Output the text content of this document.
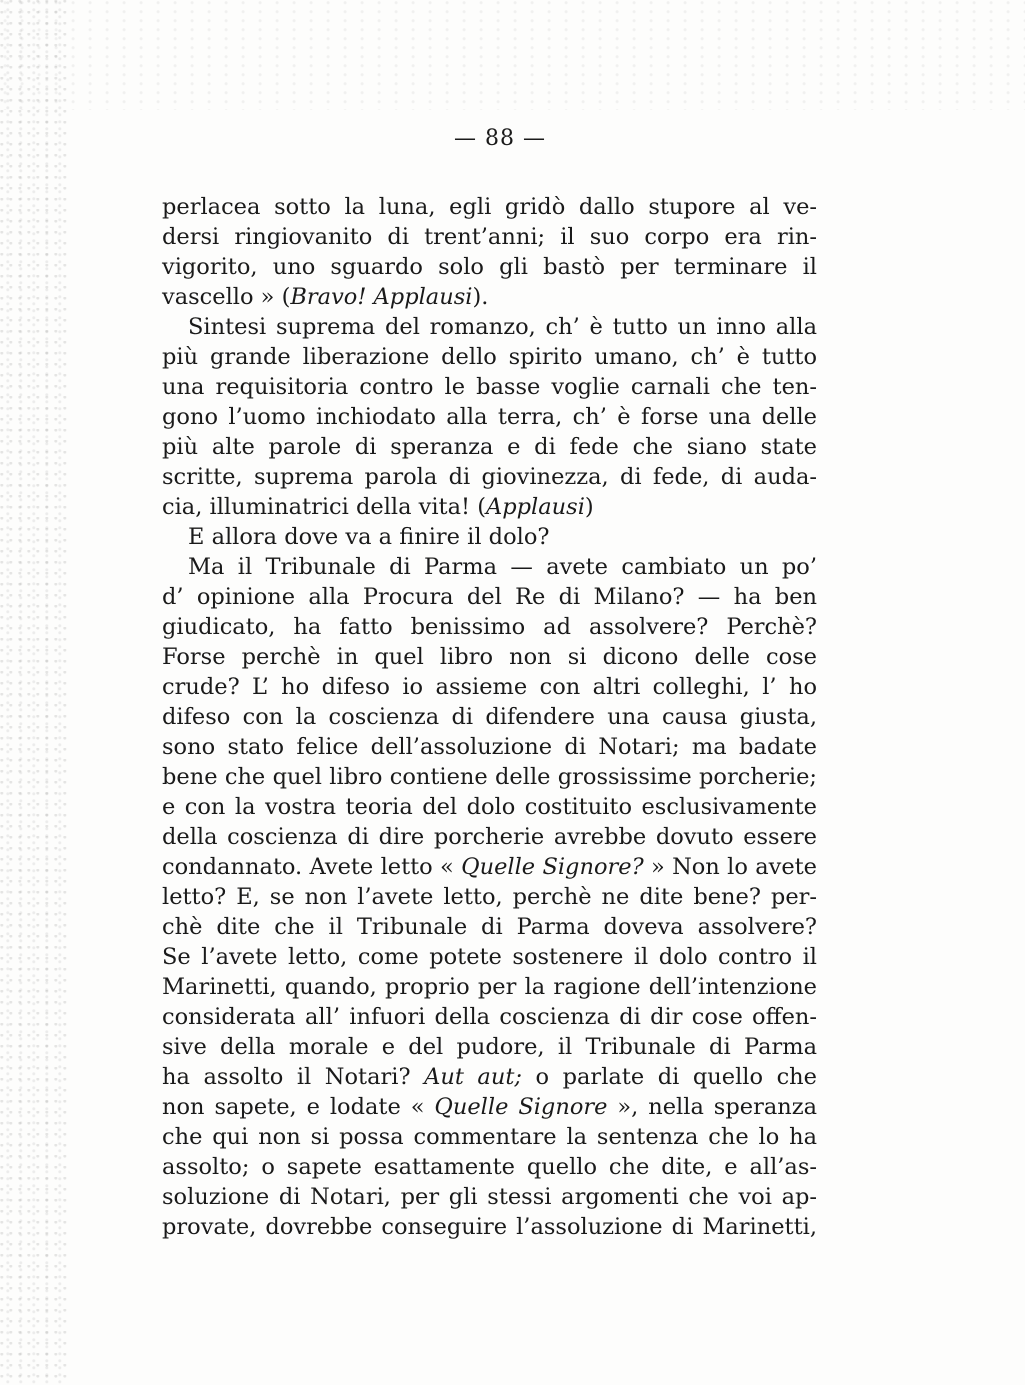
— 88 —
perlacea sotto la luna, egli gridò dallo stupore al ve-
dersi ringiovanito di trent’anni; il suo corpo era rin-
vigorito, uno sguardo solo gli bastò per terminare il
vascello » (Bravo! Applausi).
Sintesi suprema del romanzo, ch’ è tutto un inno alla
più grande liberazione dello spirito umano, ch’ è tutto
una requisitoria contro le basse voglie carnali che ten-
gono l’uomo inchiodato alla terra, ch’ è forse una delle
più alte parole di speranza e di fede che siano state
scritte, suprema parola di giovinezza, di fede, di auda-
cia, illuminatrici della vita! (Applausi)
E allora dove va a finire il dolo?
Ma il Tribunale di Parma — avete cambiato un po’
d’ opinione alla Procura del Re di Milano? — ha ben
giudicato, ha fatto benissimo ad assolvere? Perchè?
Forse perchè in quel libro non si dicono delle cose
crude? L’ ho difeso io assieme con altri colleghi, l’ ho
difeso con la coscienza di difendere una causa giusta,
sono stato felice dell’assoluzione di Notari; ma badate
bene che quel libro contiene delle grossissime porcherie;
e con la vostra teoria del dolo costituito esclusivamente
della coscienza di dire porcherie avrebbe dovuto essere
condannato. Avete letto « Quelle Signore? » Non lo avete
letto? E, se non l’avete letto, perchè ne dite bene? per-
chè dite che il Tribunale di Parma doveva assolvere?
Se l’avete letto, come potete sostenere il dolo contro il
Marinetti, quando, proprio per la ragione dell’intenzione
considerata all’ infuori della coscienza di dir cose offen-
sive della morale e del pudore, il Tribunale di Parma
ha assolto il Notari? Aut aut; o parlate di quello che
non sapete, e lodate « Quelle Signore », nella speranza
che qui non si possa commentare la sentenza che lo ha
assolto; o sapete esattamente quello che dite, e all’as-
soluzione di Notari, per gli stessi argomenti che voi ap-
provate, dovrebbe conseguire l’assoluzione di Marinetti,
